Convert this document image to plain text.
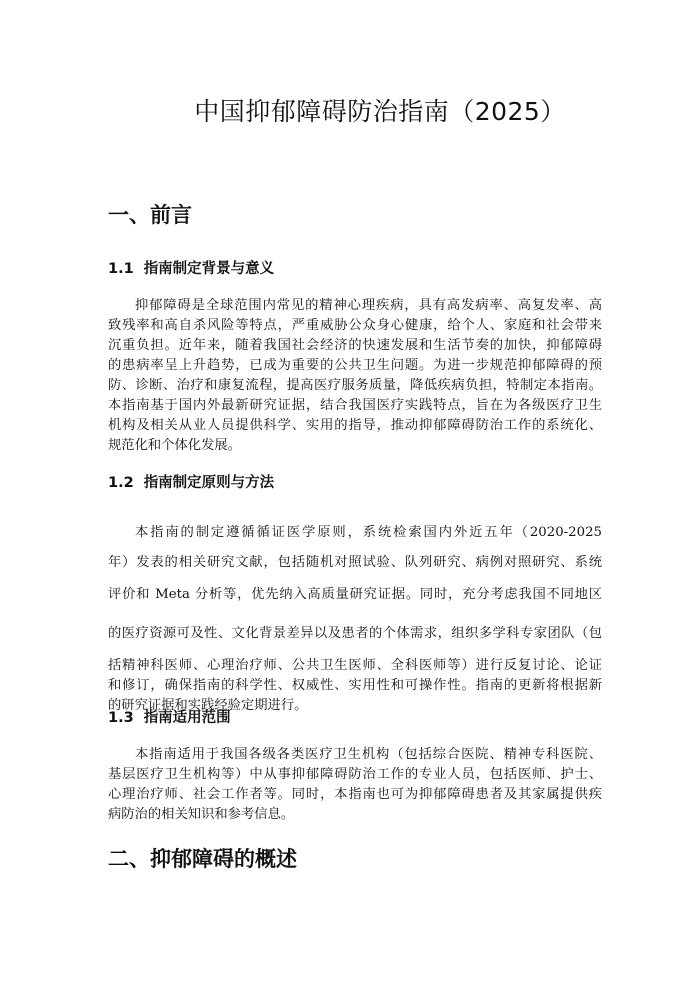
中国抑郁障碍防治指南（2025）
一、前言
1.1 指南制定背景与意义
抑郁障碍是全球范围内常见的精神心理疾病，具有高发病率、高复发率、高
致残率和高自杀风险等特点，严重威胁公众身心健康，给个人、家庭和社会带来
沉重负担。近年来，随着我国社会经济的快速发展和生活节奏的加快，抑郁障碍
的患病率呈上升趋势，已成为重要的公共卫生问题。为进一步规范抑郁障碍的预
防、诊断、治疗和康复流程，提高医疗服务质量，降低疾病负担，特制定本指南。
本指南基于国内外最新研究证据，结合我国医疗实践特点，旨在为各级医疗卫生
机构及相关从业人员提供科学、实用的指导，推动抑郁障碍防治工作的系统化、
规范化和个体化发展。
1.2 指南制定原则与方法
本指南的制定遵循循证医学原则，系统检索国内外近五年（2020-2025
年）发表的相关研究文献，包括随机对照试验、队列研究、病例对照研究、系统
评价和 Meta 分析等，优先纳入高质量研究证据。同时，充分考虑我国不同地区
的医疗资源可及性、文化背景差异以及患者的个体需求，组织多学科专家团队（包
括精神科医师、心理治疗师、公共卫生医师、全科医师等）进行反复讨论、论证
和修订，确保指南的科学性、权威性、实用性和可操作性。指南的更新将根据新
的研究证据和实践经验定期进行。
1.3 指南适用范围
本指南适用于我国各级各类医疗卫生机构（包括综合医院、精神专科医院、
基层医疗卫生机构等）中从事抑郁障碍防治工作的专业人员，包括医师、护士、
心理治疗师、社会工作者等。同时，本指南也可为抑郁障碍患者及其家属提供疾
病防治的相关知识和参考信息。
二、抑郁障碍的概述
